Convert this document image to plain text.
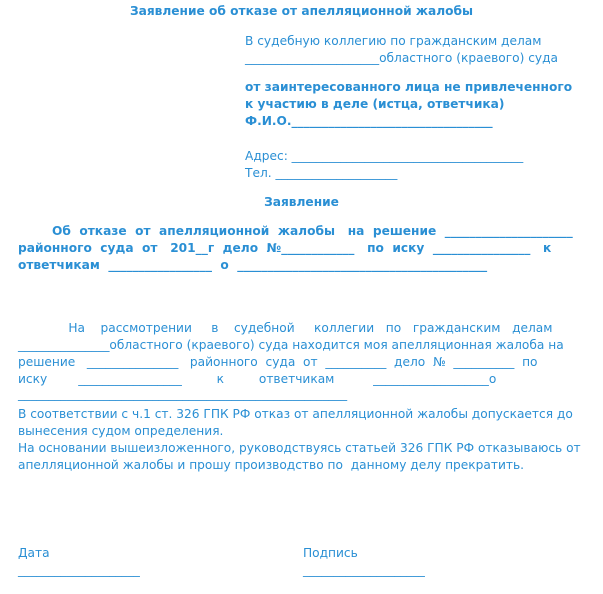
Заявление об отказе от апелляционной жалобы
В судебную коллегию по гражданским делам
______________________областного (краевого) суда
от заинтересованного лица не привлеченного
к участию в деле (истца, ответчика)
Ф.И.О._________________________________
Адрес: ______________________________________
Тел. ____________________
Заявление
Об  отказе  от  апелляционной  жалобы   на  решение  _____________________
районного  суда  от   201__г  дело  №____________   по  иску  ________________   к
ответчикам  _________________  о  _________________________________________
На    рассмотрении     в    судебной     коллегии   по   гражданским   делам
_______________областного (краевого) суда находится моя апелляционная жалоба на
решение   _______________   районного  суда  от  __________  дело  №  __________  по
иску        _________________         к         ответчикам          ___________________о
______________________________________________________
В соответствии с ч.1 ст. 326 ГПК РФ отказ от апелляционной жалобы допускается до
вынесения судом определения.
На основании вышеизложенного, руководствуясь статьей 326 ГПК РФ отказываюсь от
апелляционной жалобы и прошу производство по  данному делу прекратить.
Дата
____________________
Подпись
____________________
